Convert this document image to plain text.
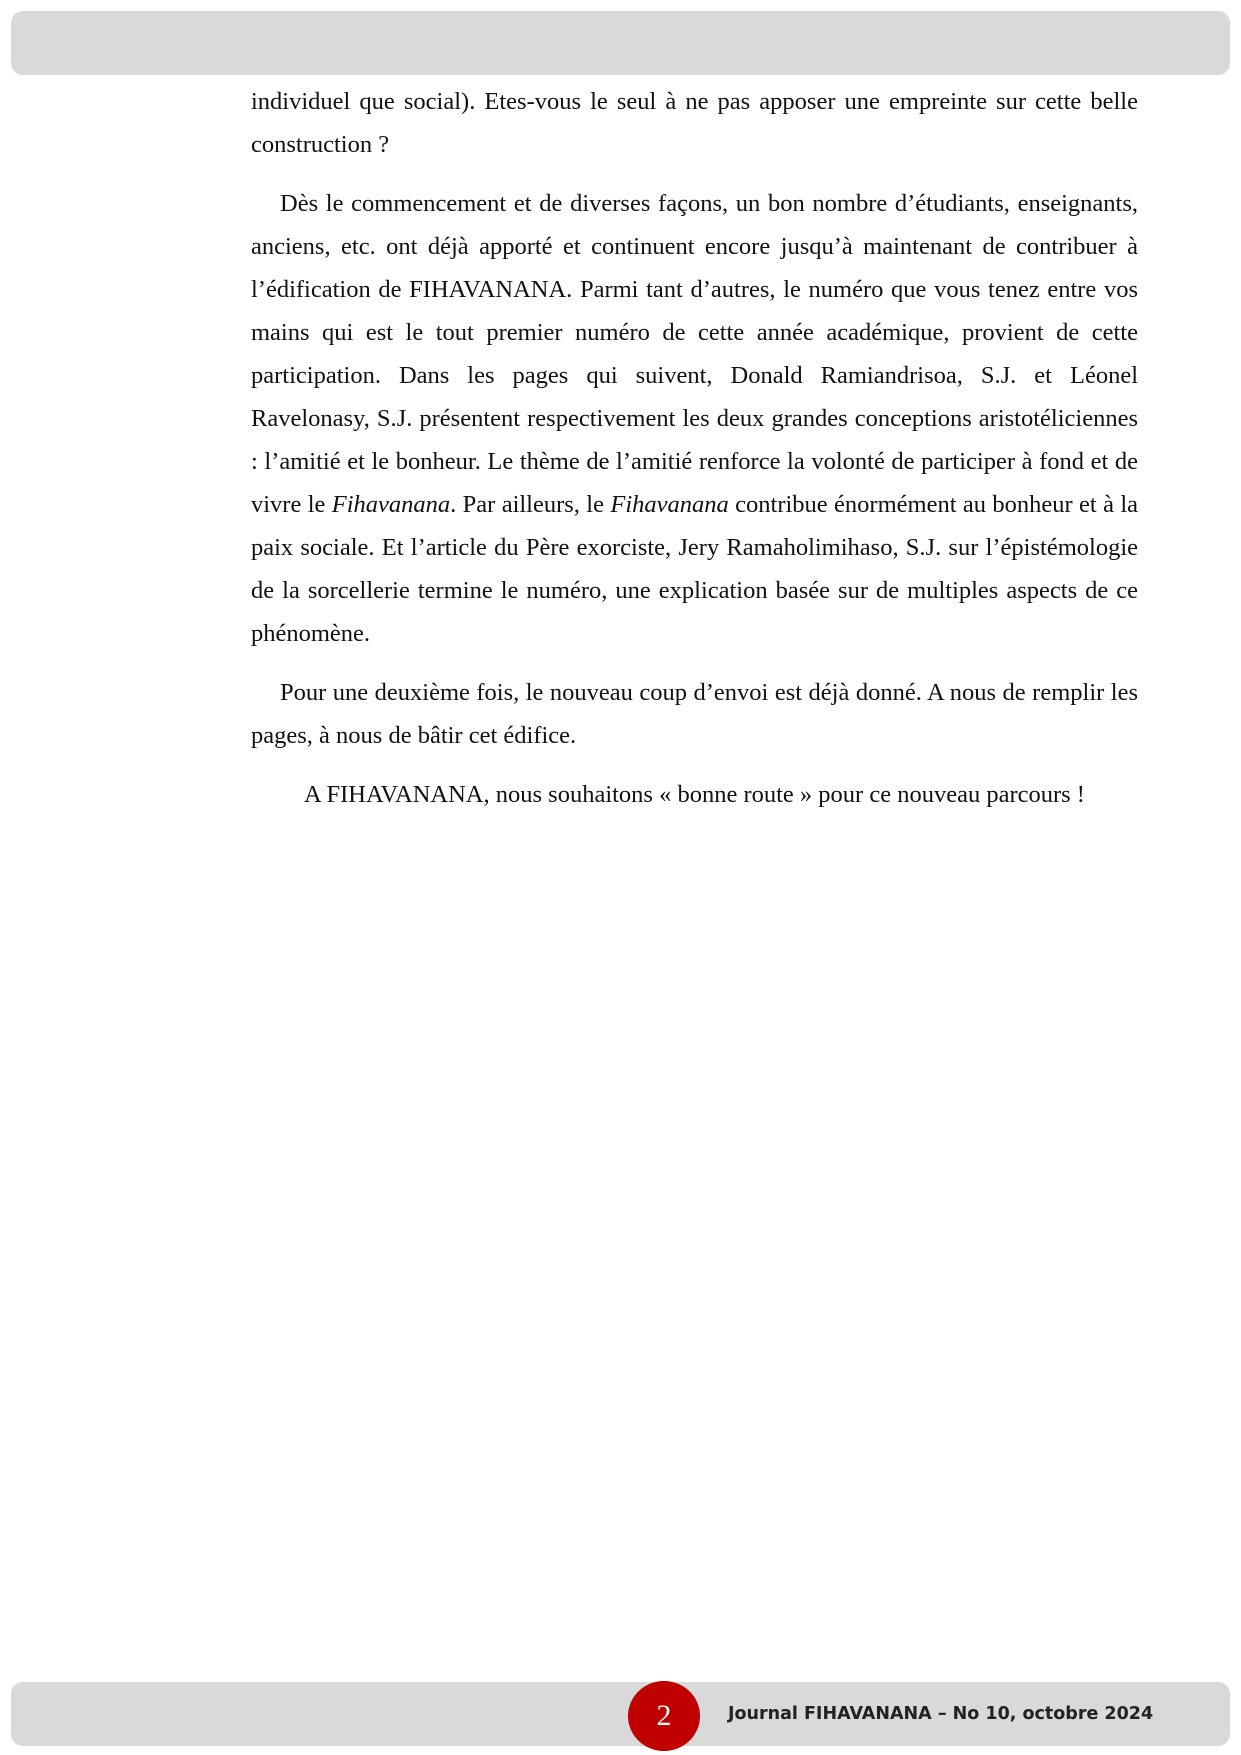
individuel que social). Etes-vous le seul à ne pas apposer une empreinte sur cette belle construction ?

Dès le commencement et de diverses façons, un bon nombre d’étudiants, enseignants, anciens, etc. ont déjà apporté et continuent encore jusqu’à maintenant de contribuer à l’édification de FIHAVANANA. Parmi tant d’autres, le numéro que vous tenez entre vos mains qui est le tout premier numéro de cette année académique, provient de cette participation. Dans les pages qui suivent, Donald Ramiandrisoa, S.J. et Léonel Ravelonasy, S.J. présentent respectivement les deux grandes conceptions aristotéliciennes : l’amitié et le bonheur. Le thème de l’amitié renforce la volonté de participer à fond et de vivre le Fihavanana. Par ailleurs, le Fihavanana contribue énormément au bonheur et à la paix sociale. Et l’article du Père exorciste, Jery Ramaholimihaso, S.J. sur l’épistémologie de la sorcellerie termine le numéro, une explication basée sur de multiples aspects de ce phénomène.

Pour une deuxième fois, le nouveau coup d’envoi est déjà donné. A nous de remplir les pages, à nous de bâtir cet édifice.

A FIHAVANANA, nous souhaitons « bonne route » pour ce nouveau parcours !

2	Journal FIHAVANANA – No 10, octobre 2024
